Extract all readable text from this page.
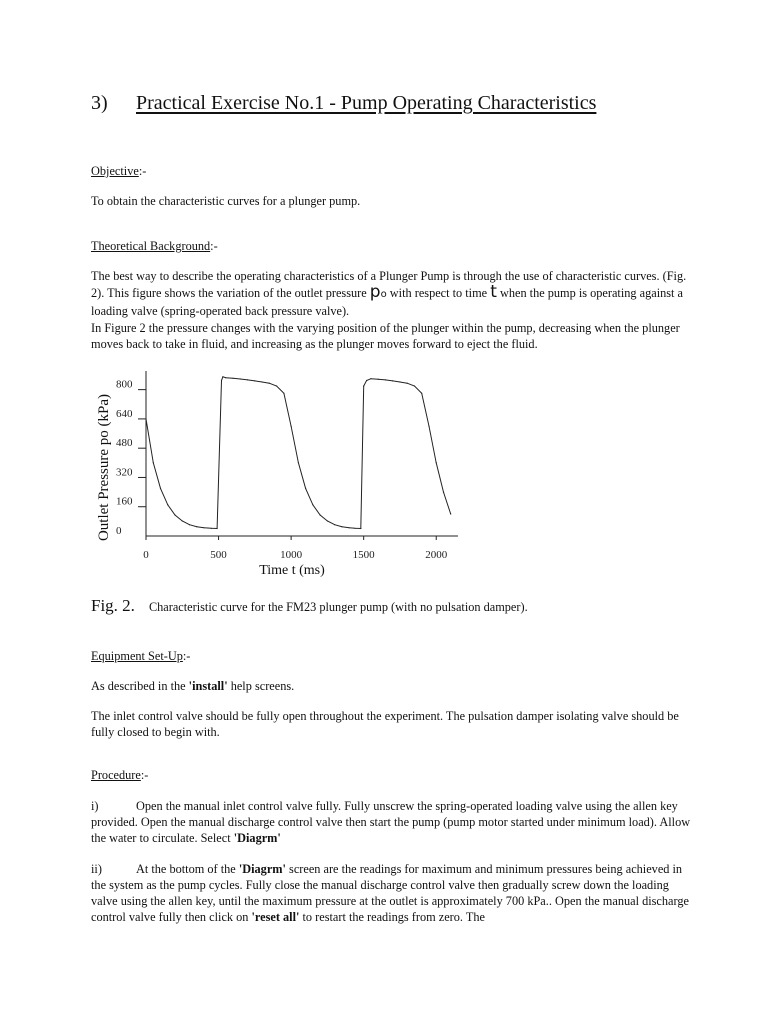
3) Practical Exercise No.1 - Pump Operating Characteristics
Objective:-
To obtain the characteristic curves for a plunger pump.
Theoretical Background:-
The best way to describe the operating characteristics of a Plunger Pump is through the use of characteristic curves. (Fig. 2). This figure shows the variation of the outlet pressure po with respect to time t when the pump is operating against a loading valve (spring-operated back pressure valve).
In Figure 2 the pressure changes with the varying position of the plunger within the pump, decreasing when the plunger moves back to take in fluid, and increasing as the plunger moves forward to eject the fluid.
Time t (ms)
Outlet Pressure po (kPa) 0
160
320
480
640
800
0	500	1000	1500	2000
Fig. 2. Characteristic curve for the FM23 plunger pump (with no pulsation damper).
Equipment Set-Up:-
As described in the 'install' help screens.
The inlet control valve should be fully open throughout the experiment. The pulsation damper isolating valve should be fully closed to begin with.
Procedure:-
i)	Open the manual inlet control valve fully. Fully unscrew the spring-operated loading valve using the allen key provided. Open the manual discharge control valve then start the pump (pump motor started under minimum load). Allow the water to circulate. Select 'Diagrm'
ii)	At the bottom of the 'Diagrm' screen are the readings for maximum and minimum pressures being achieved in the system as the pump cycles. Fully close the manual discharge control valve then gradually screw down the loading valve using the allen key, until the maximum pressure at the outlet is approximately 700 kPa.. Open the manual discharge control valve fully then click on 'reset all' to restart the readings from zero. The
